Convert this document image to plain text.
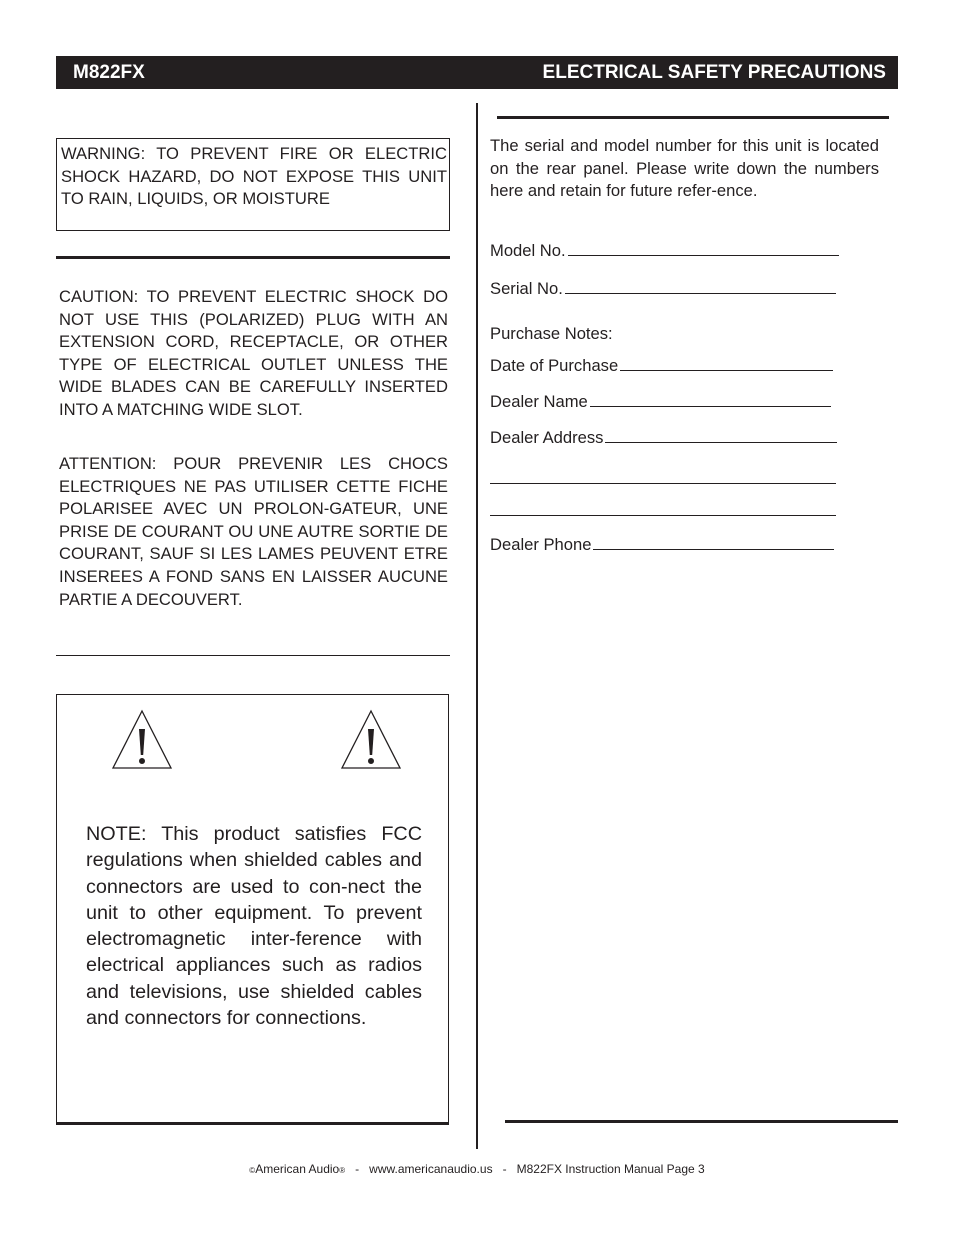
M822FX	ELECTRICAL SAFETY PRECAUTIONS

WARNING: TO PREVENT FIRE OR ELECTRIC SHOCK HAZARD, DO NOT EXPOSE THIS UNIT TO RAIN, LIQUIDS, OR MOISTURE

CAUTION: TO PREVENT ELECTRIC SHOCK DO NOT USE THIS (POLARIZED) PLUG WITH AN EXTENSION CORD, RECEPTACLE, OR OTHER TYPE OF ELECTRICAL OUTLET UNLESS THE WIDE BLADES CAN BE CAREFULLY INSERTED INTO A MATCHING WIDE SLOT.

ATTENTION: POUR PREVENIR LES CHOCS ELECTRIQUES NE PAS UTILISER CETTE FICHE POLARISEE AVEC UN PROLON-GATEUR, UNE PRISE DE COURANT OU UNE AUTRE SORTIE DE COURANT, SAUF SI LES LAMES PEUVENT ETRE INSEREES A FOND SANS EN LAISSER AUCUNE PARTIE A DECOUVERT.

NOTE: This product satisfies FCC regulations when shielded cables and connectors are used to con-nect the unit to other equipment. To prevent electromagnetic inter-ference with electrical appliances such as radios and televisions, use shielded cables and connectors for connections.

The serial and model number for this unit is located on the rear panel. Please write down the numbers here and retain for future refer-ence.

Model No.
Serial No.
Purchase Notes:
Date of Purchase
Dealer Name
Dealer Address
Dealer Phone
©American Audio® - www.americanaudio.us - M822FX Instruction Manual Page 3
